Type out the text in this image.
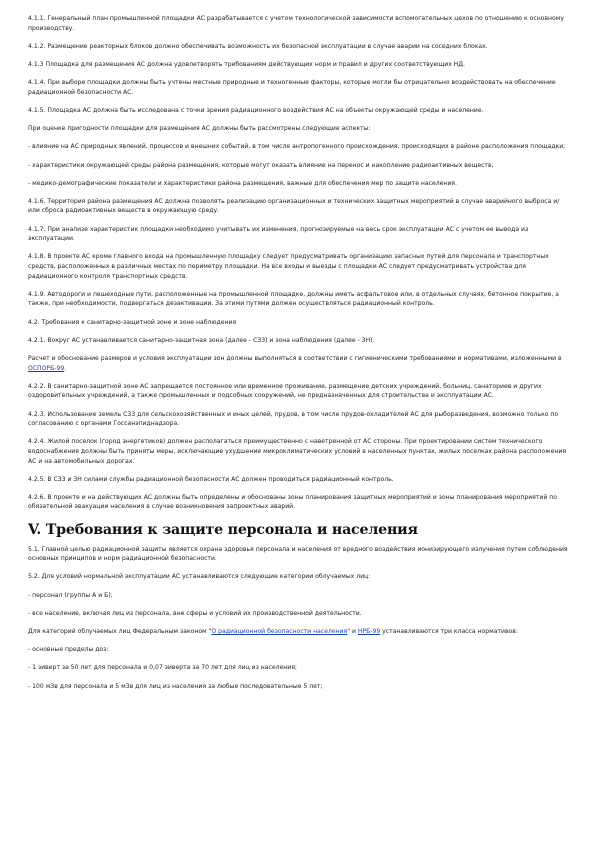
4.1.1. Генеральный план промышленной площадки АС разрабатывается с учетом технологической зависимости вспомогательных цехов по отношению к основному производству.

4.1.2. Размещение реакторных блоков должно обеспечивать возможность их безопасной эксплуатации в случае аварии на соседних блоках.

4.1.3 Площадка для размещения АС должна удовлетворять требованиям действующих норм и правил и других соответствующих НД.

4.1.4. При выборе площадки должны быть учтены местные природные и техногенные факторы, которые могли бы отрицательно воздействовать на обеспечение радиационной безопасности АС.

4.1.5. Площадка АС должна быть исследована с точки зрения радиационного воздействия АС на объекты окружающей среды и население.

При оценке пригодности площадки для размещения АС должны быть рассмотрены следующие аспекты:

- влияние на АС природных явлений, процессов и внешних событий, в том числе антропогенного происхождения, происходящих в районе расположения площадки;

- характеристики окружающей среды района размещения, которые могут оказать влияние на перенос и накопление радиоактивных веществ;

- медико-демографические показатели и характеристики района размещения, важные для обеспечения мер по защите населения.

4.1.6. Территория района размещения АС должна позволять реализацию организационных и технических защитных мероприятий в случае аварийного выброса и/или сброса радиоактивных веществ в окружающую среду.

4.1.7. При анализе характеристик площадки необходимо учитывать их изменения, прогнозируемые на весь срок эксплуатации АС с учетом ее вывода из эксплуатации.

4.1.8. В проекте АС кроме главного входа на промышленную площадку следует предусматривать организацию запасных путей для персонала и транспортных средств, расположенных в различных местах по периметру площадки. На все входы и выезды с площадки АС следует предусматривать устройства для радиационного контроля транспортных средств.

4.1.9. Автодороги и пешеходные пути, расположенные на промышленной площадке, должны иметь асфальтовое или, в отдельных случаях, бетонное покрытие, а также, при необходимости, подвергаться дезактивации. За этими путями должен осуществляться радиационный контроль.

4.2. Требования к санитарно-защитной зоне и зоне наблюдения

4.2.1. Вокруг АС устанавливается санитарно-защитная зона (далее - СЗЗ) и зона наблюдения (далее - ЗН).

Расчет и обоснование размеров и условия эксплуатации зон должны выполняться в соответствии с гигиеническими требованиями и нормативами, изложенными в ОСПОРБ-99.

4.2.2. В санитарно-защитной зоне АС запрещается постоянное или временное проживание, размещение детских учреждений, больниц, санаториев и других оздоровительных учреждений, а также промышленных и подсобных сооружений, не предназначенных для строительства и эксплуатации АС.

4.2.3. Использование земель СЗЗ для сельскохозяйственных и иных целей, прудов, в том числе прудов-охладителей АС для рыборазведения, возможно только по согласованию с органами Госсанэпиднадзора.

4.2.4. Жилой поселок (город энергетиков) должен располагаться преимущественно с наветренной от АС стороны. При проектировании систем технического водоснабжения должны быть приняты меры, исключающие ухудшение микроклиматических условий в населенных пунктах, жилых поселках района расположения АС и на автомобильных дорогах.

4.2.5. В СЗЗ и ЗН силами службы радиационной безопасности АС должен проводиться радиационный контроль.

4.2.6. В проекте и на действующих АС должны быть определены и обоснованы зоны планирования защитных мероприятий и зоны планирования мероприятий по обязательной эвакуации населения в случае возникновения запроектных аварий.

V. Требования к защите персонала и населения

5.1. Главной целью радиационной защиты является охрана здоровья персонала и населения от вредного воздействия ионизирующего излучения путем соблюдения основных принципов и норм радиационной безопасности.

5.2. Для условий нормальной эксплуатации АС устанавливаются следующие категории облучаемых лиц:

- персонал (группы А и Б);

- все население, включая лиц из персонала, вне сферы и условий их производственной деятельности.

Для категорий облучаемых лиц Федеральным законом "О радиационной безопасности населения" и НРБ-99 устанавливаются три класса нормативов:

- основные пределы доз:

- 1 зиверт за 50 лет для персонала и 0,07 зиверта за 70 лет для лиц из населения;

- 100 мЗв для персонала и 5 мЗв для лиц из населения за любые последовательные 5 лет;
